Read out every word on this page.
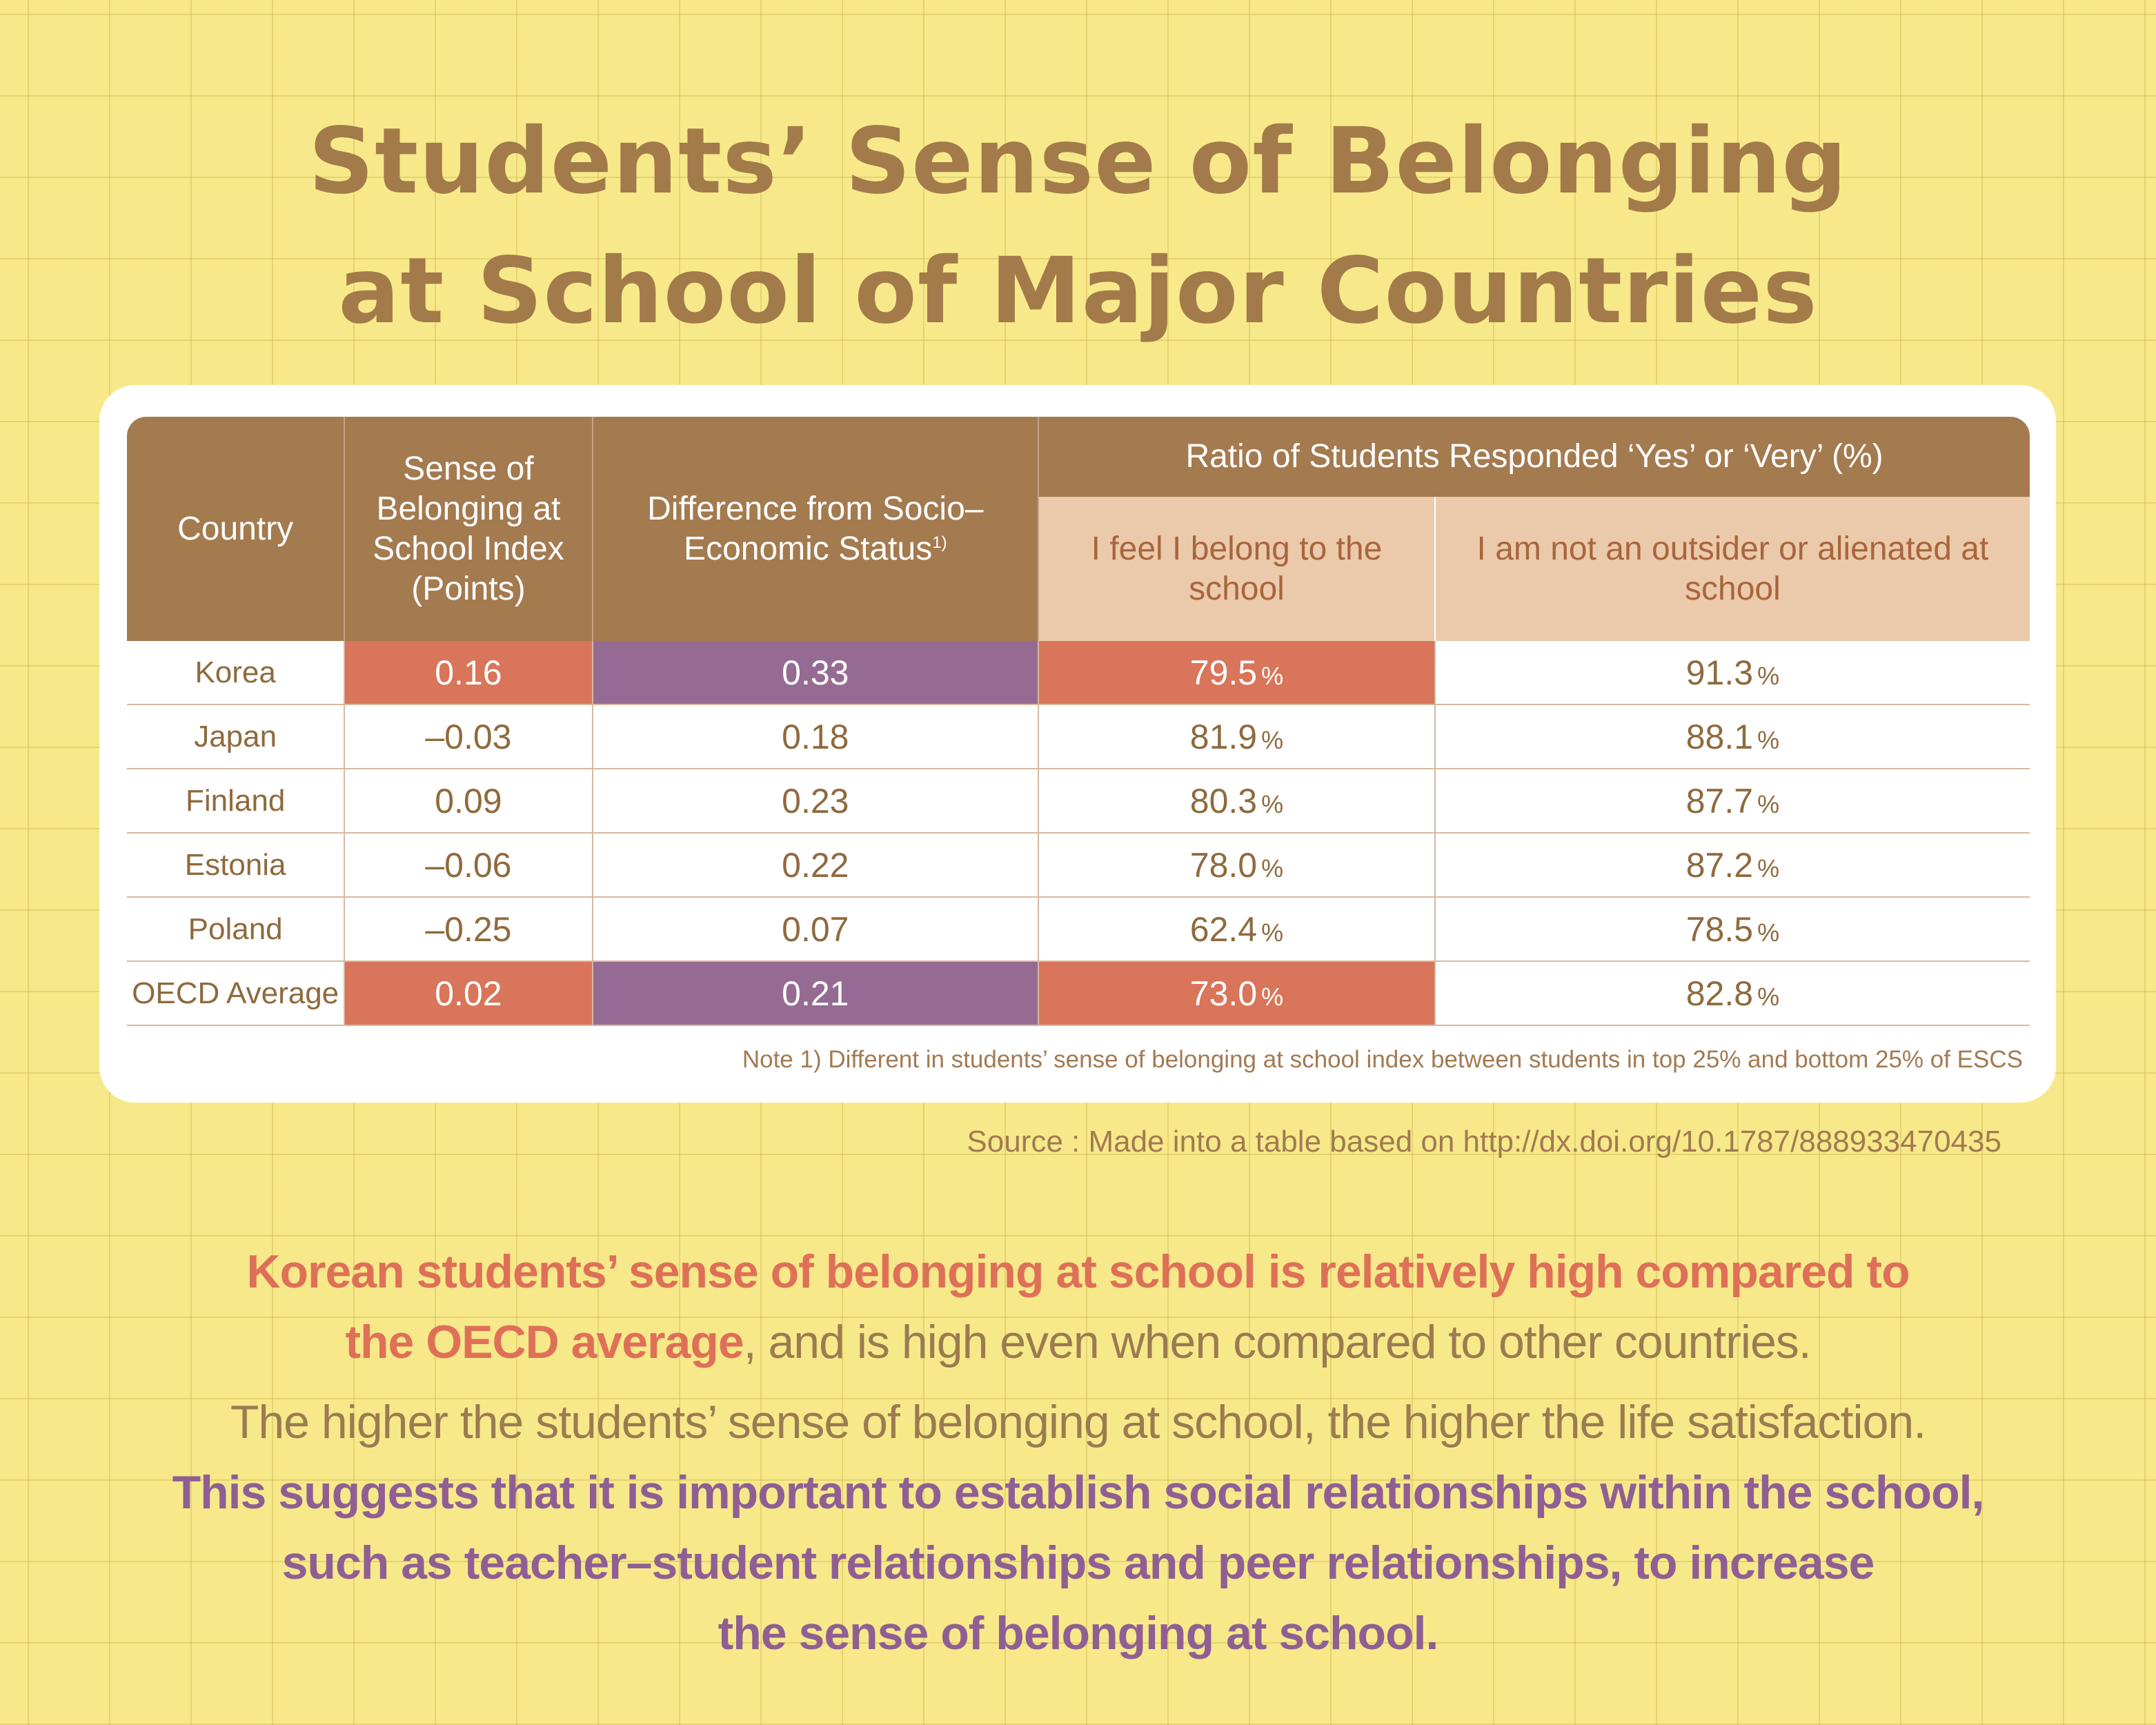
Students’ Sense of Belonging
at School of Major Countries
Country	Sense of Belonging at School Index (Points)	Difference from Socio–Economic Status$^{1)}$	Ratio of Students Responded ‘Yes’ or ‘Very’ (%)	
			I feel I belong to the school	I am not an outsider or alienated at school
Korea	0.16	0.33	79.5 %	91.3 %
Japan	–0.03	0.18	81.9 %	88.1 %
Finland	0.09	0.23	80.3 %	87.7 %
Estonia	–0.06	0.22	78.0 %	87.2 %
Poland	–0.25	0.07	62.4 %	78.5 %
OECD Average	0.02	0.21	73.0 %	82.8 %
Note 1) Different in students’ sense of belonging at school index between students in top 25% and bottom 25% of ESCS
Source : Made into a table based on http://dx.doi.org/10.1787/888933470435
Korean students’ sense of belonging at school is relatively high compared to
the OECD average, and is high even when compared to other countries.
The higher the students’ sense of belonging at school, the higher the life satisfaction.
This suggests that it is important to establish social relationships within the school,
such as teacher–student relationships and peer relationships, to increase
the sense of belonging at school.
